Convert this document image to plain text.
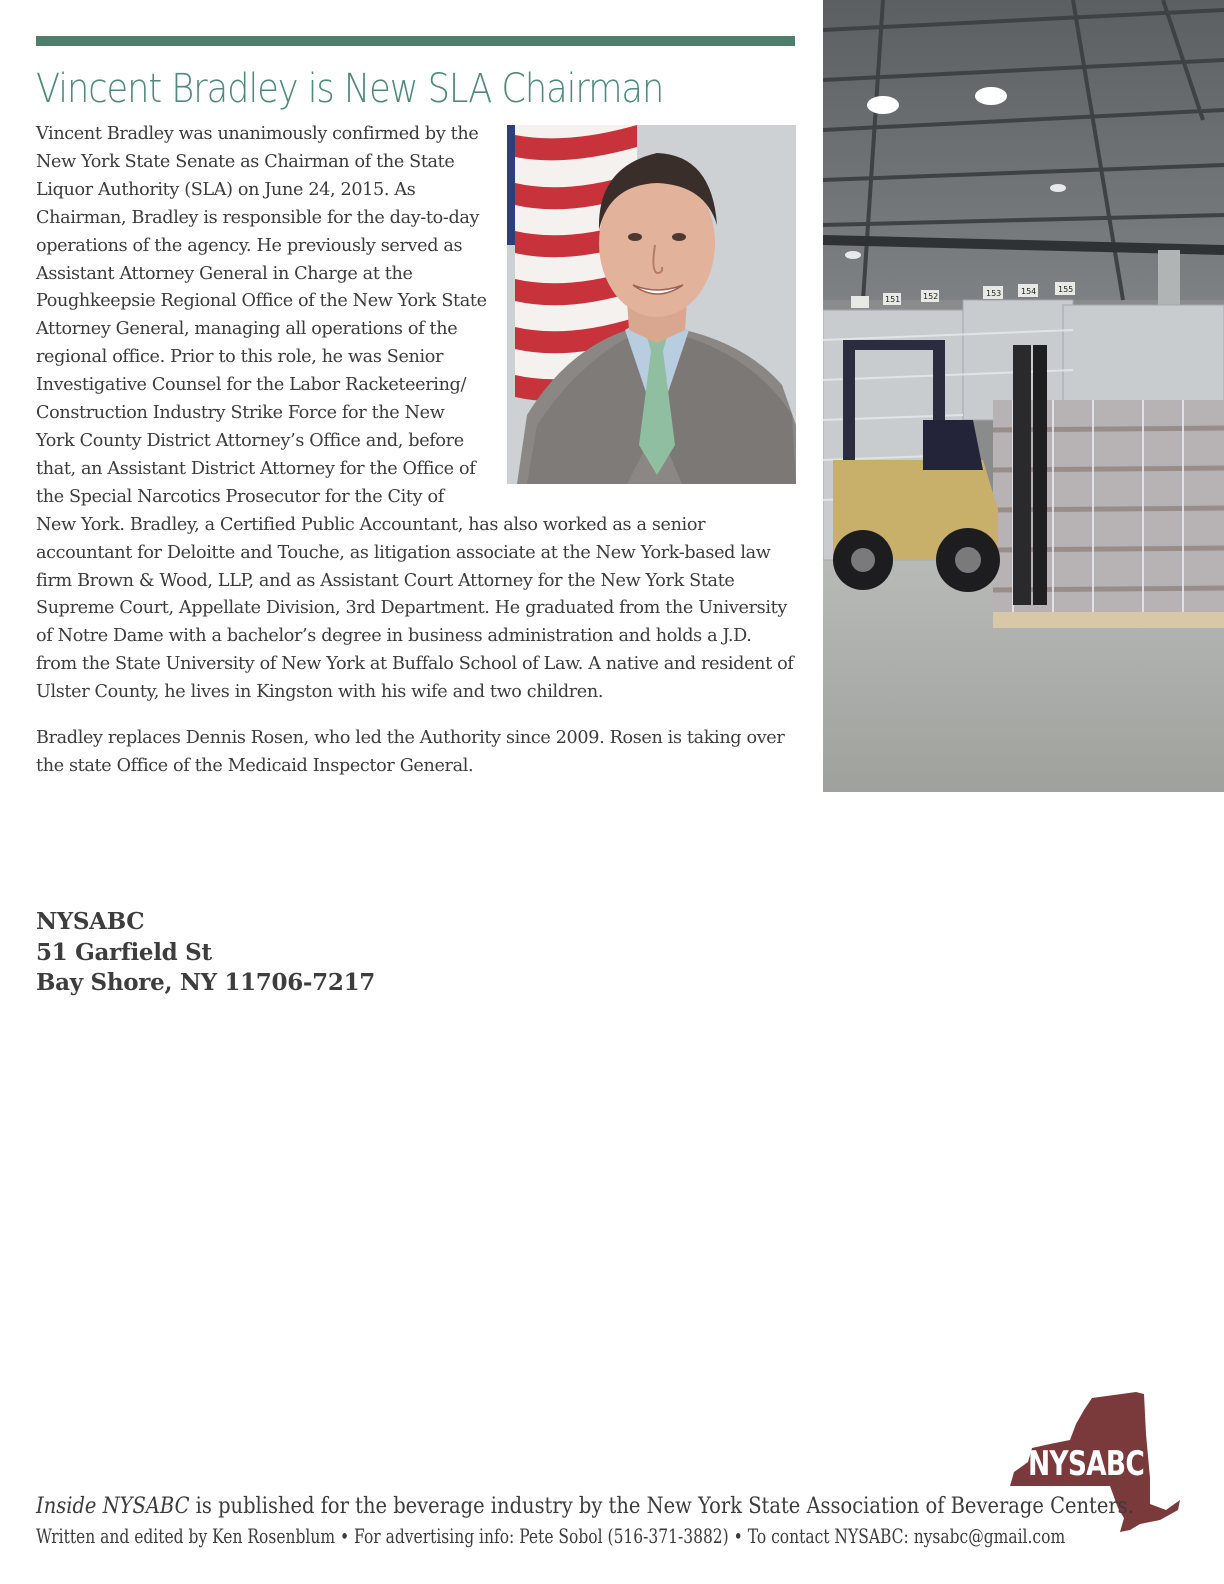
Vincent Bradley is New SLA Chairman

Vincent Bradley was unanimously confirmed by the New York State Senate as Chairman of the State Liquor Authority (SLA) on June 24, 2015. As Chairman, Bradley is responsible for the day-to-day operations of the agency. He previously served as Assistant Attorney General in Charge at the Poughkeepsie Regional Office of the New York State Attorney General, managing all operations of the regional office. Prior to this role, he was Senior Investigative Counsel for the Labor Racketeering/ Construction Industry Strike Force for the New York County District Attorney’s Office and, before that, an Assistant District Attorney for the Office of the Special Narcotics Prosecutor for the City of New York. Bradley, a Certified Public Accountant, has also worked as a senior accountant for Deloitte and Touche, as litigation associate at the New York-based law firm Brown & Wood, LLP, and as Assistant Court Attorney for the New York State Supreme Court, Appellate Division, 3rd Department. He graduated from the University of Notre Dame with a bachelor’s degree in business administration and holds a J.D. from the State University of New York at Buffalo School of Law. A native and resident of Ulster County, he lives in Kingston with his wife and two children.

Bradley replaces Dennis Rosen, who led the Authority since 2009. Rosen is taking over the state Office of the Medicaid Inspector General.

151	152	153 154	155
NYSABC
51 Garfield St
Bay Shore, NY 11706-7217
NYSABC
Inside NYSABC is published for the beverage industry by the New York State Association of Beverage Centers.
Written and edited by Ken Rosenblum • For advertising info: Pete Sobol (516-371-3882) • To contact NYSABC: nysabc@gmail.com
